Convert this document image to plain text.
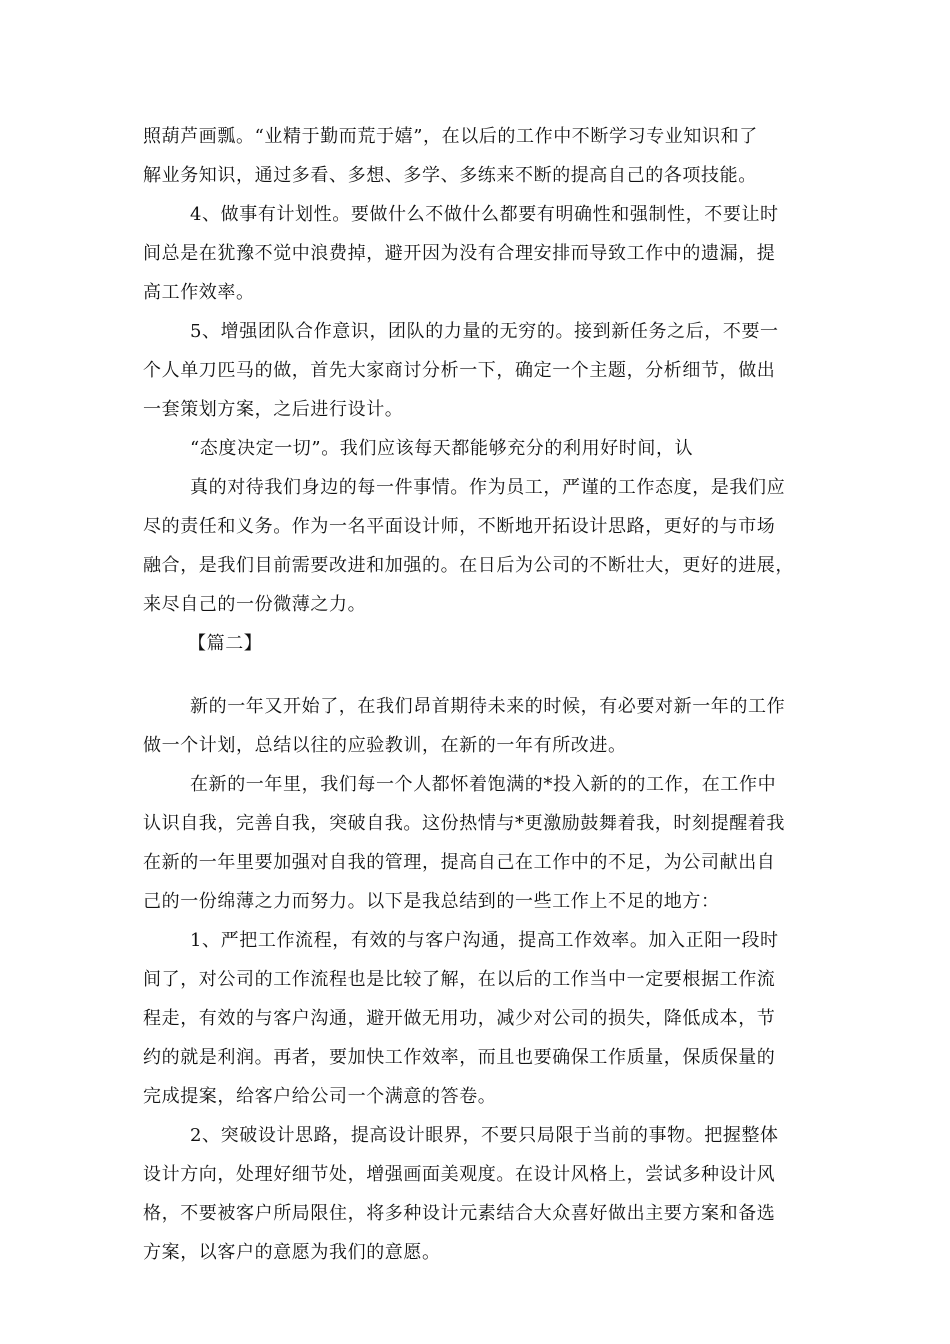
照葫芦画瓢。“业精于勤而荒于嬉”，在以后的工作中不断学习专业知识和了
解业务知识，通过多看、多想、多学、多练来不断的提高自己的各项技能。
4、做事有计划性。要做什么不做什么都要有明确性和强制性，不要让时
间总是在犹豫不觉中浪费掉，避开因为没有合理安排而导致工作中的遗漏，提
高工作效率。
5、增强团队合作意识，团队的力量的无穷的。接到新任务之后，不要一
个人单刀匹马的做，首先大家商讨分析一下，确定一个主题，分析细节，做出
一套策划方案，之后进行设计。
“态度决定一切”。我们应该每天都能够充分的利用好时间，认
真的对待我们身边的每一件事情。作为员工，严谨的工作态度，是我们应
尽的责任和义务。作为一名平面设计师，不断地开拓设计思路，更好的与市场
融合，是我们目前需要改进和加强的。在日后为公司的不断壮大，更好的进展，
来尽自己的一份微薄之力。
【篇二】
新的一年又开始了，在我们昂首期待未来的时候，有必要对新一年的工作
做一个计划，总结以往的应验教训，在新的一年有所改进。
在新的一年里，我们每一个人都怀着饱满的*投入新的的工作，在工作中
认识自我，完善自我，突破自我。这份热情与*更激励鼓舞着我，时刻提醒着我
在新的一年里要加强对自我的管理，提高自己在工作中的不足，为公司献出自
己的一份绵薄之力而努力。以下是我总结到的一些工作上不足的地方：
1、严把工作流程，有效的与客户沟通，提高工作效率。加入正阳一段时
间了，对公司的工作流程也是比较了解，在以后的工作当中一定要根据工作流
程走，有效的与客户沟通，避开做无用功，减少对公司的损失，降低成本，节
约的就是利润。再者，要加快工作效率，而且也要确保工作质量，保质保量的
完成提案，给客户给公司一个满意的答卷。
2、突破设计思路，提高设计眼界，不要只局限于当前的事物。把握整体
设计方向，处理好细节处，增强画面美观度。在设计风格上，尝试多种设计风
格，不要被客户所局限住，将多种设计元素结合大众喜好做出主要方案和备选
方案，以客户的意愿为我们的意愿。
